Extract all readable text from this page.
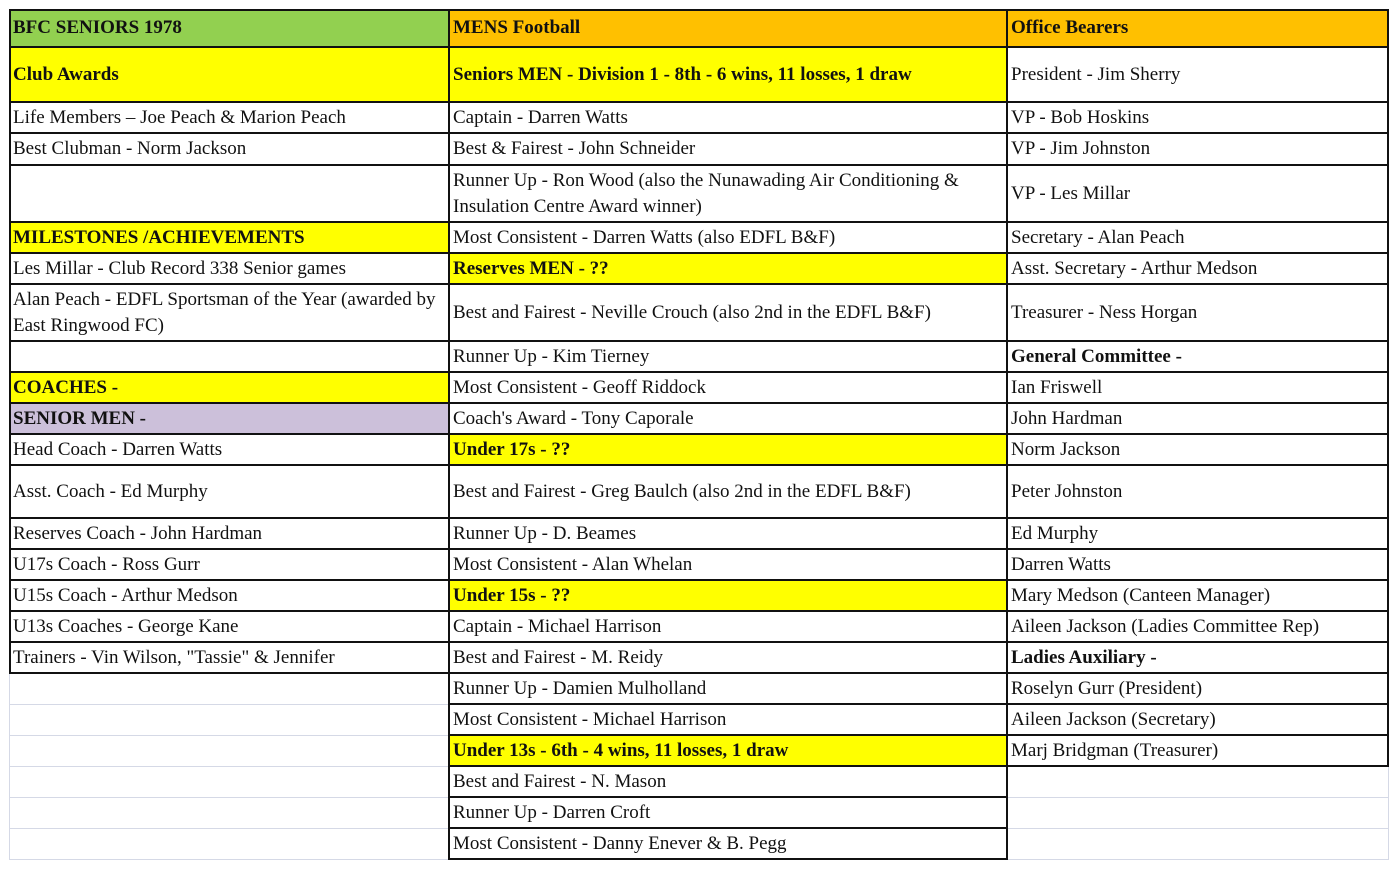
BFC SENIORS 1978	MENS Football	Office Bearers
Club Awards
Life Members – Joe Peach & Marion Peach
Best Clubman - Norm Jackson
MILESTONES /ACHIEVEMENTS
Les Millar - Club Record 338 Senior games
Alan Peach - EDFL Sportsman of the Year (awarded by East Ringwood FC)
COACHES -
SENIOR MEN -
Head Coach - Darren Watts
Asst. Coach - Ed Murphy
Reserves Coach - John Hardman
U17s Coach - Ross Gurr
U15s Coach - Arthur Medson
U13s Coaches - George Kane
Trainers - Vin Wilson, "Tassie" & Jennifer
Seniors MEN - Division 1 - 8th - 6 wins, 11 losses, 1 draw
Captain - Darren Watts
Best & Fairest - John Schneider
Runner Up - Ron Wood (also the Nunawading Air Conditioning & Insulation Centre Award winner)
Most Consistent - Darren Watts (also EDFL B&F)
Reserves MEN - ??
Best and Fairest - Neville Crouch (also 2nd in the EDFL B&F)
Runner Up - Kim Tierney
Most Consistent - Geoff Riddock
Coach's Award - Tony Caporale
Under 17s - ??
Best and Fairest - Greg Baulch (also 2nd in the EDFL B&F)
Runner Up - D. Beames
Most Consistent - Alan Whelan
Under 15s - ??
Captain - Michael Harrison
Best and Fairest - M. Reidy
Runner Up - Damien Mulholland
Most Consistent - Michael Harrison
Under 13s - 6th - 4 wins, 11 losses, 1 draw
Best and Fairest - N. Mason
Runner Up - Darren Croft
Most Consistent - Danny Enever & B. Pegg
President - Jim Sherry
VP - Bob Hoskins
VP - Jim Johnston
VP - Les Millar
Secretary - Alan Peach
Asst. Secretary - Arthur Medson
Treasurer - Ness Horgan
General Committee -
Ian Friswell
John Hardman
Norm Jackson
Peter Johnston
Ed Murphy
Darren Watts
Mary Medson (Canteen Manager)
Aileen Jackson (Ladies Committee Rep)
Ladies Auxiliary -
Roselyn Gurr (President)
Aileen Jackson (Secretary)
Marj Bridgman (Treasurer)
